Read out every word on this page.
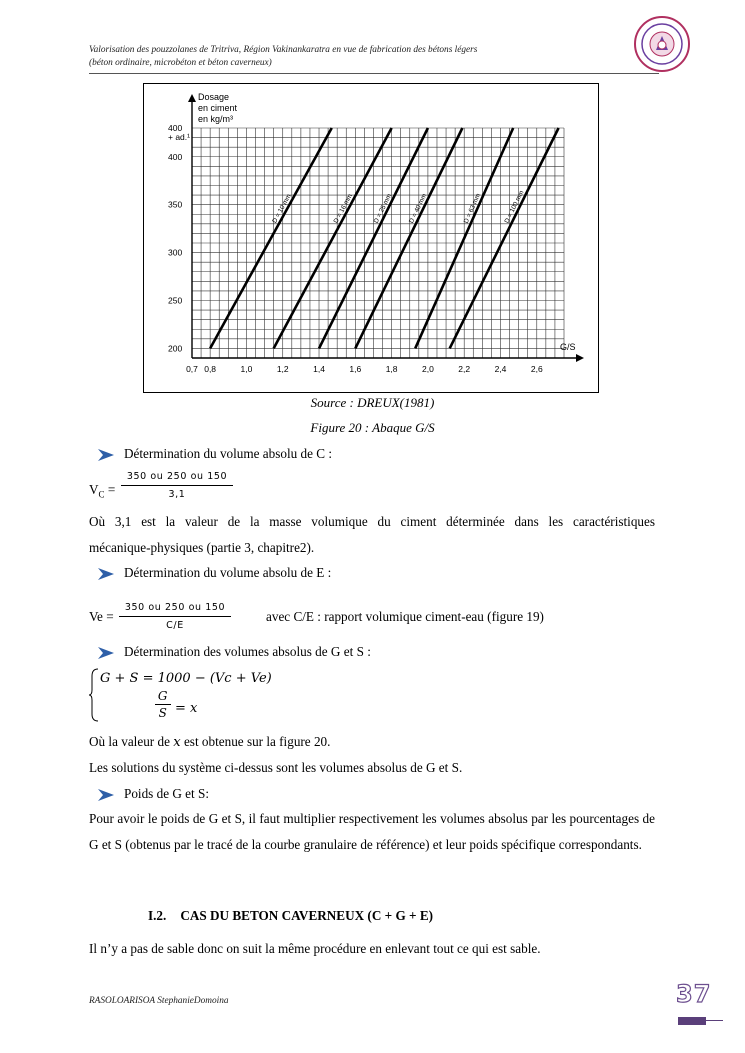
Valorisation des pouzzolanes de Tritriva, Région Vakinankaratra en vue de fabrication des bétons légers
(béton ordinaire, microbéton et béton caverneux)
Dosage
en ciment
en kg/m³
G/S
0,7 0,8	1,0	1,2	1,4	1,6	1,8	2,0	2,2	2,4	2,6
200
250
300
350
400
400 + ad.¹
D = 10 mm	D = 16 mm	D = 25 mm D = 40 mm	D = 63 mm	D = 100 mm
Source : DREUX(1981)
Figure 20 : Abaque G/S
Détermination du volume absolu de C :
$V_C = \frac{350 ou 250 ou 150}{3,1}$
Où 3,1 est la valeur de la masse volumique du ciment déterminée dans les caractéristiques
mécanique-physiques (partie 3, chapitre2).
Détermination du volume absolu de E :
$Ve = \frac{350 ou 250 ou 150}{C/E}$	avec C/E : rapport volumique ciment-eau (figure 19)
Détermination des volumes absolus de G et S :
G + S = 1000 − (Vc + Ve)
$\frac{G}{S} = x$
Où la valeur de x est obtenue sur la figure 20.
Les solutions du système ci-dessus sont les volumes absolus de G et S.
Poids de G et S:
Pour avoir le poids de G et S, il faut multiplier respectivement les volumes absolus par les pourcentages de G et S (obtenus par le tracé de la courbe granulaire de référence) et leur poids spécifique correspondants.
I.2. CAS DU BETON CAVERNEUX (C + G + E)
Il n’y a pas de sable donc on suit la même procédure en enlevant tout ce qui est sable.
RASOLOARISOA StephanieDomoina	37
